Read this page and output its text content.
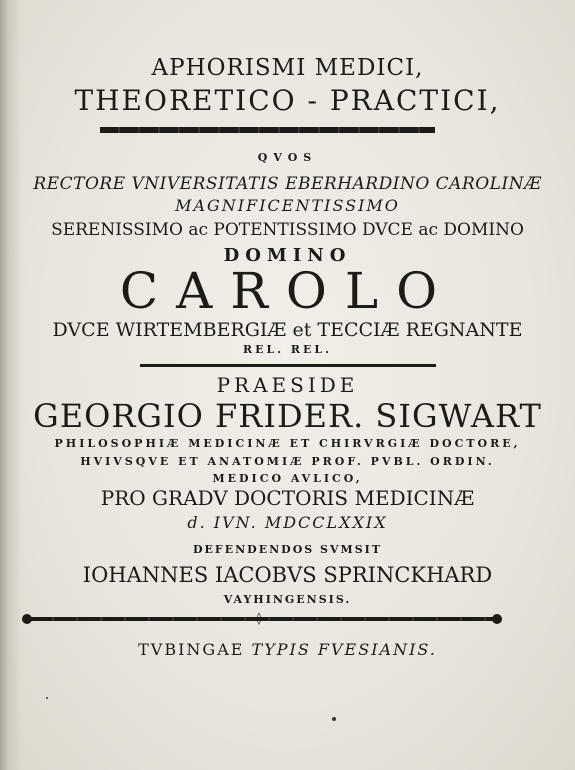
APHORISMI MEDICI,
THEORETICO - PRACTICI,
QVOS
RECTORE VNIVERSITATIS EBERHARDINO CAROLINÆ
MAGNIFICENTISSIMO
SERENISSIMO ac POTENTISSIMO DVCE ac DOMINO
DOMINO
CAROLO
DVCE WIRTEMBERGIÆ et TECCIÆ REGNANTE
REL. REL.
PRAESIDE
GEORGIO FRIDER. SIGWART
PHILOSOPHIÆ MEDICINÆ ET CHIRVRGIÆ DOCTORE,
HVIVSQVE ET ANATOMIÆ PROF. PVBL. ORDIN.
MEDICO AVLICO,
PRO GRADV DOCTORIS MEDICINÆ
d. IVN. MDCCLXXIX
DEFENDENDOS SVMSIT
IOHANNES IACOBVS SPRINCKHARD
VAYHINGENSIS.
◊
TVBINGAE TYPIS FVESIANIS.
